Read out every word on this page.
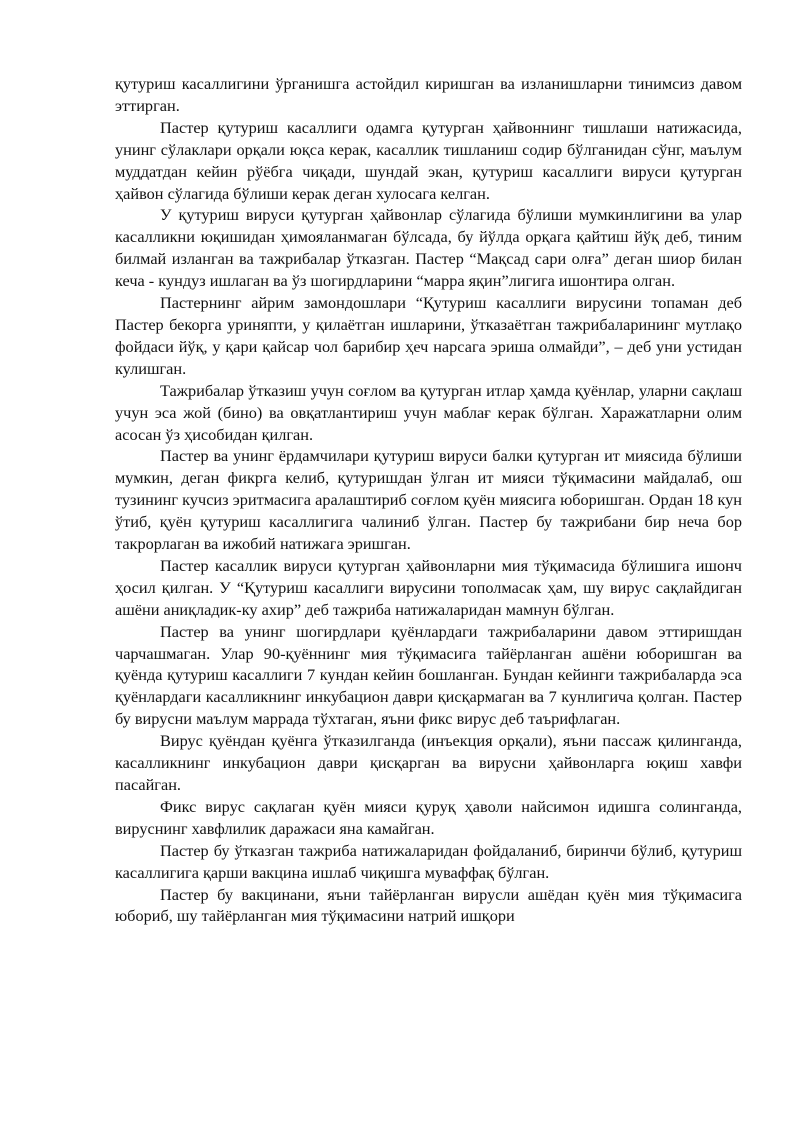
қутуриш касаллигини ўрганишга астойдил киришган ва изланишларни тинимсиз давом эттирган.

Пастер қутуриш касаллиги одамга қутурган ҳайвоннинг тишлаши натижасида, унинг сўлаклари орқали юқса керак, касаллик тишланиш содир бўлганидан сўнг, маълум муддатдан кейин рўёбга чиқади, шундай экан, қутуриш касаллиги вируси қутурган ҳайвон сўлагида бўлиши керак деган хулосага келган.

У қутуриш вируси қутурган ҳайвонлар сўлагида бўлиши мумкинлигини ва улар касалликни юқишидан ҳимояланмаган бўлсада, бу йўлда орқага қайтиш йўқ деб, тиним билмай изланган ва тажрибалар ўтказган. Пастер “Мақсад сари олға” деган шиор билан кеча - кундуз ишлаган ва ўз шогирдларини “марра яқин”лигига ишонтира олган.

Пастернинг айрим замондошлари “Қутуриш касаллиги вирусини топаман деб Пастер бекорга уриняпти, у қилаётган ишларини, ўтказаётган тажрибаларининг мутлақо фойдаси йўқ, у қари қайсар чол барибир ҳеч нарсага эриша олмайди”, – деб уни устидан кулишган.

Тажрибалар ўтказиш учун соғлом ва қутурган итлар ҳамда қуёнлар, уларни сақлаш учун эса жой (бино) ва овқатлантириш учун маблағ керак бўлган. Харажатларни олим асосан ўз ҳисобидан қилган.

Пастер ва унинг ёрдамчилари қутуриш вируси балки қутурган ит миясида бўлиши мумкин, деган фикрга келиб, қутуришдан ўлган ит мияси тўқимасини майдалаб, ош тузининг кучсиз эритмасига аралаштириб соғлом қуён миясига юборишган. Ордан 18 кун ўтиб, қуён қутуриш касаллигига чалиниб ўлган. Пастер бу тажрибани бир неча бор такрорлаган ва ижобий натижага эришган.

Пастер касаллик вируси қутурган ҳайвонларни мия тўқимасида бўлишига ишонч ҳосил қилган. У “Қутуриш касаллиги вирусини тополмасак ҳам, шу вирус сақлайдиган ашёни аниқладик-ку ахир” деб тажриба натижаларидан мамнун бўлган.

Пастер ва унинг шогирдлари қуёнлардаги тажрибаларини давом эттиришдан чарчашмаган. Улар 90-қуённинг мия тўқимасига тайёрланган ашёни юборишган ва қуёнда қутуриш касаллиги 7 кундан кейин бошланган. Бундан кейинги тажрибаларда эса қуёнлардаги касалликнинг инкубацион даври қисқармаган ва 7 кунлигича қолган. Пастер бу вирусни маълум маррада тўхтаган, яъни фикс вирус деб таърифлаган.

Вирус қуёндан қуёнга ўтказилганда (инъекция орқали), яъни пассаж қилинганда, касалликнинг инкубацион даври қисқарган ва вирусни ҳайвонларга юқиш хавфи пасайган.

Фикс вирус сақлаган қуён мияси қуруқ ҳаволи найсимон идишга солинганда, вируснинг хавфлилик даражаси яна камайган.

Пастер бу ўтказган тажриба натижаларидан фойдаланиб, биринчи бўлиб, қутуриш касаллигига қарши вакцина ишлаб чиқишга муваффақ бўлган.

Пастер бу вакцинани, яъни тайёрланган вирусли ашёдан қуён мия тўқимасига юбориб, шу тайёрланган мия тўқимасини натрий ишқори
